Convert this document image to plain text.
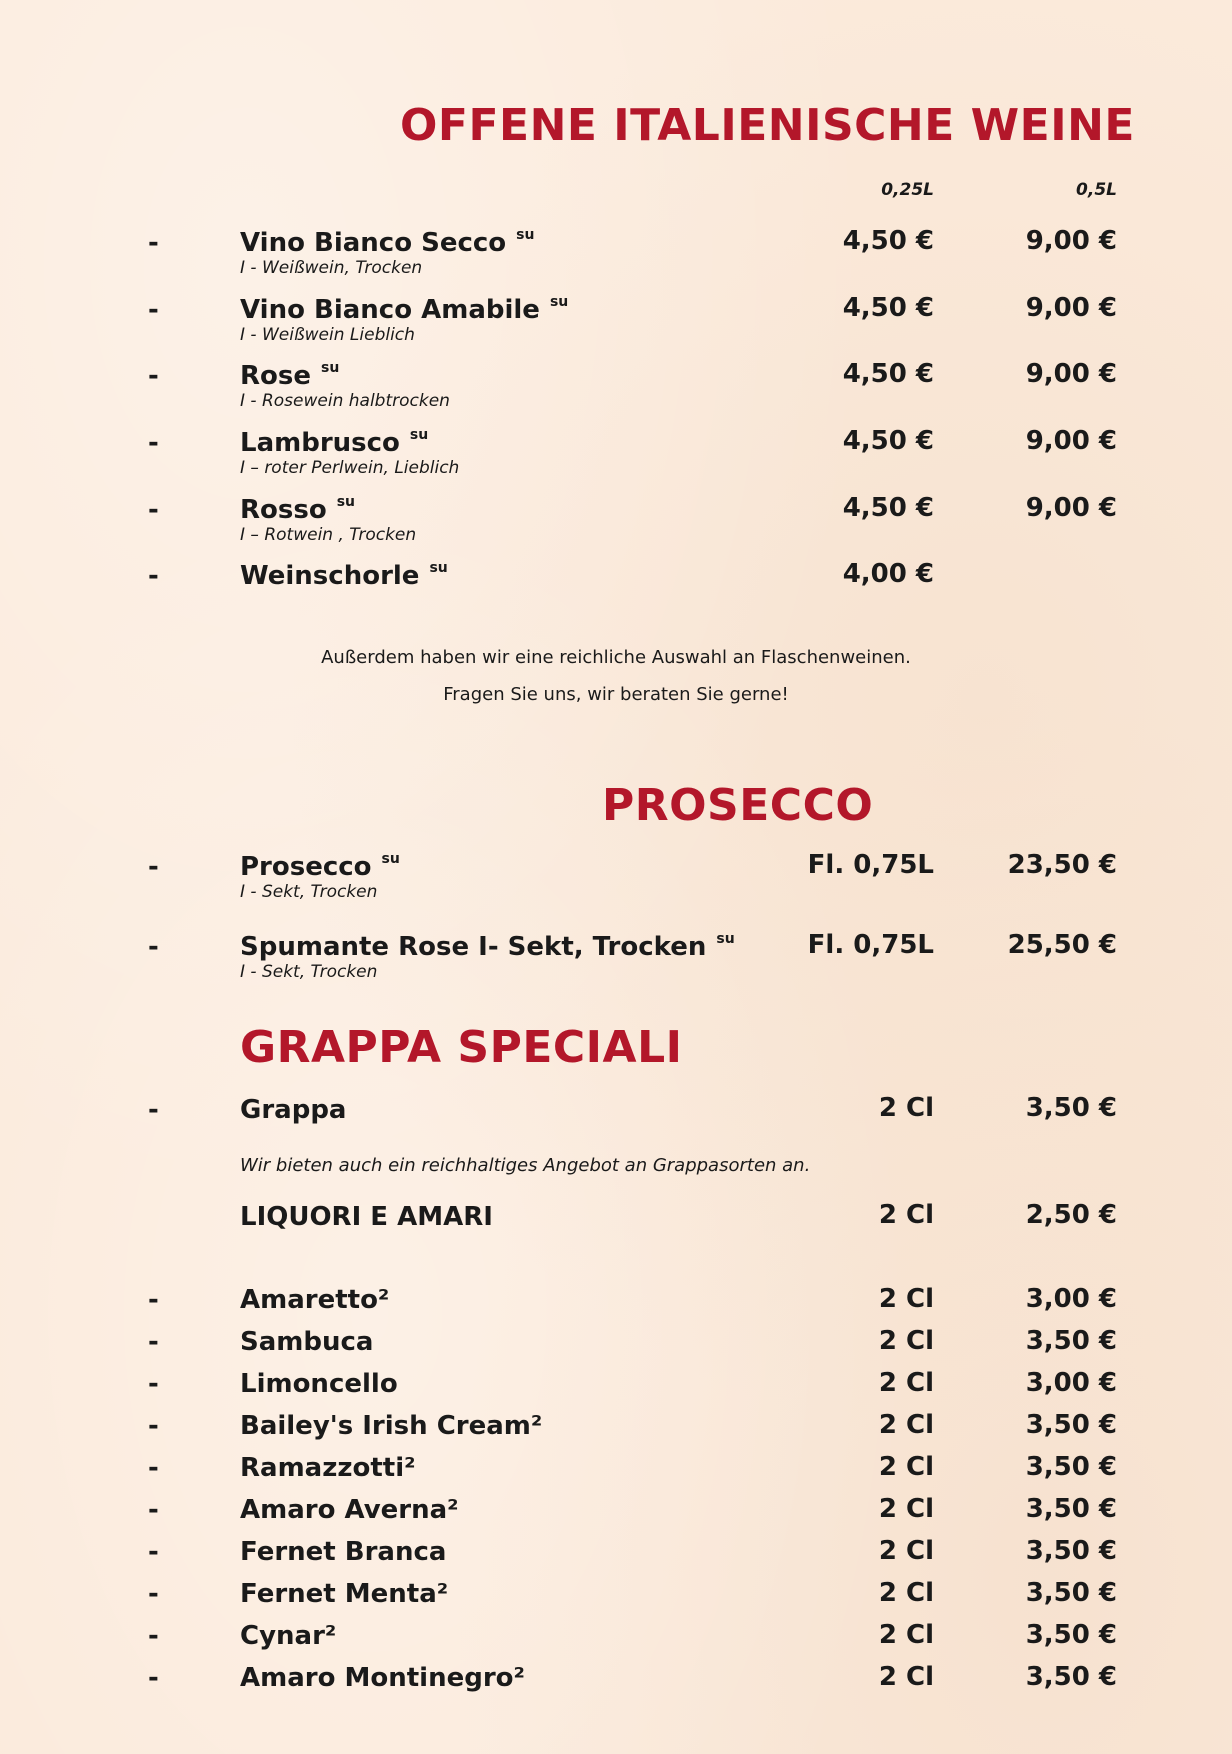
OFFENE ITALIENISCHE WEINE
0,25L	0,5L
-	Vino Bianco Secco $^{su}$
I - Weißwein, Trocken
4,50 €	9,00 €
-	Vino Bianco Amabile $^{su}$
I - Weißwein Lieblich
4,50 €	9,00 €
-	Rose $^{su}$
I - Rosewein halbtrocken
4,50 €	9,00 €
-	Lambrusco $^{su}$
I – roter Perlwein, Lieblich
4,50 €	9,00 €
-	Rosso $^{su}$
I – Rotwein , Trocken
4,50 €	9,00 €
-	Weinschorle $^{su}$	4,00 €
Außerdem haben wir eine reichliche Auswahl an Flaschenweinen.
Fragen Sie uns, wir beraten Sie gerne!
PROSECCO
-	Prosecco $^{su}$
I - Sekt, Trocken
Fl. 0,75L	23,50 €
-	Spumante Rose I- Sekt, Trocken $^{su}$
I - Sekt, Trocken
Fl. 0,75L	25,50 €
GRAPPA SPECIALI
-	Grappa	2 Cl	3,50 €
Wir bieten auch ein reichhaltiges Angebot an Grappasorten an.
LIQUORI E AMARI	2 Cl	2,50 €
-	Amaretto²	2 Cl	3,00 €
-	Sambuca	2 Cl	3,50 €
-	Limoncello	2 Cl	3,00 €
-	Bailey's Irish Cream²	2 Cl	3,50 €
-	Ramazzotti²	2 Cl	3,50 €
-	Amaro Averna²	2 Cl	3,50 €
-	Fernet Branca	2 Cl	3,50 €
-	Fernet Menta²	2 Cl	3,50 €
-	Cynar²	2 Cl	3,50 €
-	Amaro Montinegro²	2 Cl	3,50 €
